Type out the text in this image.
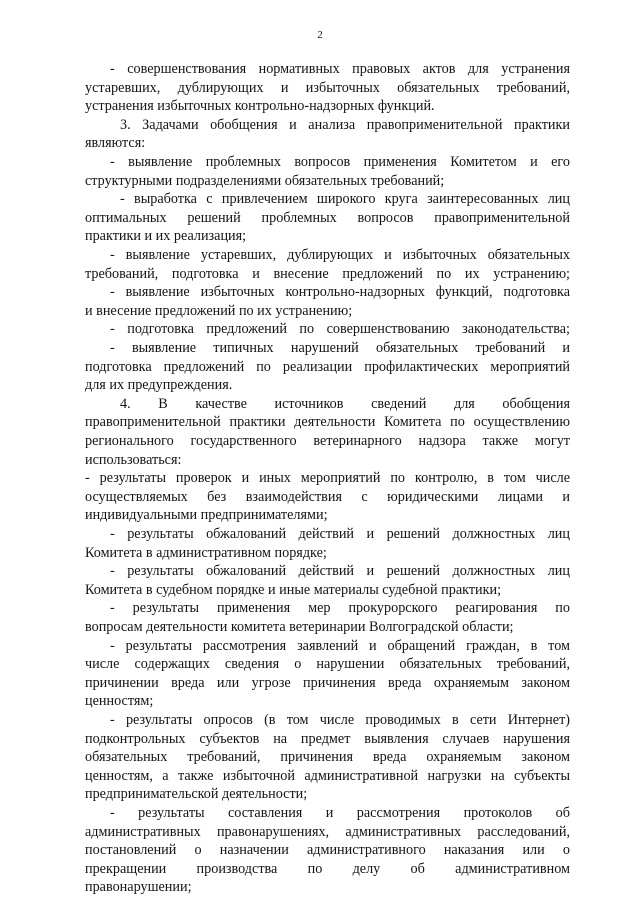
2
- совершенствования нормативных правовых актов для устранения
устаревших, дублирующих и избыточных обязательных требований,
устранения избыточных контрольно-надзорных функций.
3. Задачами обобщения и анализа правоприменительной практики
являются:
- выявление проблемных вопросов применения Комитетом и его
структурными подразделениями обязательных требований;
- выработка с привлечением широкого круга заинтересованных лиц
оптимальных решений проблемных вопросов правоприменительной
практики и их реализация;
- выявление устаревших, дублирующих и избыточных обязательных
требований, подготовка и внесение предложений по их устранению;
- выявление избыточных контрольно-надзорных функций, подготовка
и внесение предложений по их устранению;
- подготовка предложений по совершенствованию законодательства;
- выявление типичных нарушений обязательных требований и
подготовка предложений по реализации профилактических мероприятий
для их предупреждения.
4. В качестве источников сведений для обобщения
правоприменительной практики деятельности Комитета по осуществлению
регионального государственного ветеринарного надзора также могут
использоваться:
- результаты проверок и иных мероприятий по контролю, в том числе
осуществляемых без взаимодействия с юридическими лицами и
индивидуальными предпринимателями;
- результаты обжалований действий и решений должностных лиц
Комитета в административном порядке;
- результаты обжалований действий и решений должностных лиц
Комитета в судебном порядке и иные материалы судебной практики;
- результаты применения мер прокурорского реагирования по
вопросам деятельности комитета ветеринарии Волгоградской области;
- результаты рассмотрения заявлений и обращений граждан, в том
числе содержащих сведения о нарушении обязательных требований,
причинении вреда или угрозе причинения вреда охраняемым законом
ценностям;
- результаты опросов (в том числе проводимых в сети Интернет)
подконтрольных субъектов на предмет выявления случаев нарушения
обязательных требований, причинения вреда охраняемым законом
ценностям, а также избыточной административной нагрузки на субъекты
предпринимательской деятельности;
- результаты составления и рассмотрения протоколов об
административных правонарушениях, административных расследований,
постановлений о назначении административного наказания или о
прекращении производства по делу об административном
правонарушении;
